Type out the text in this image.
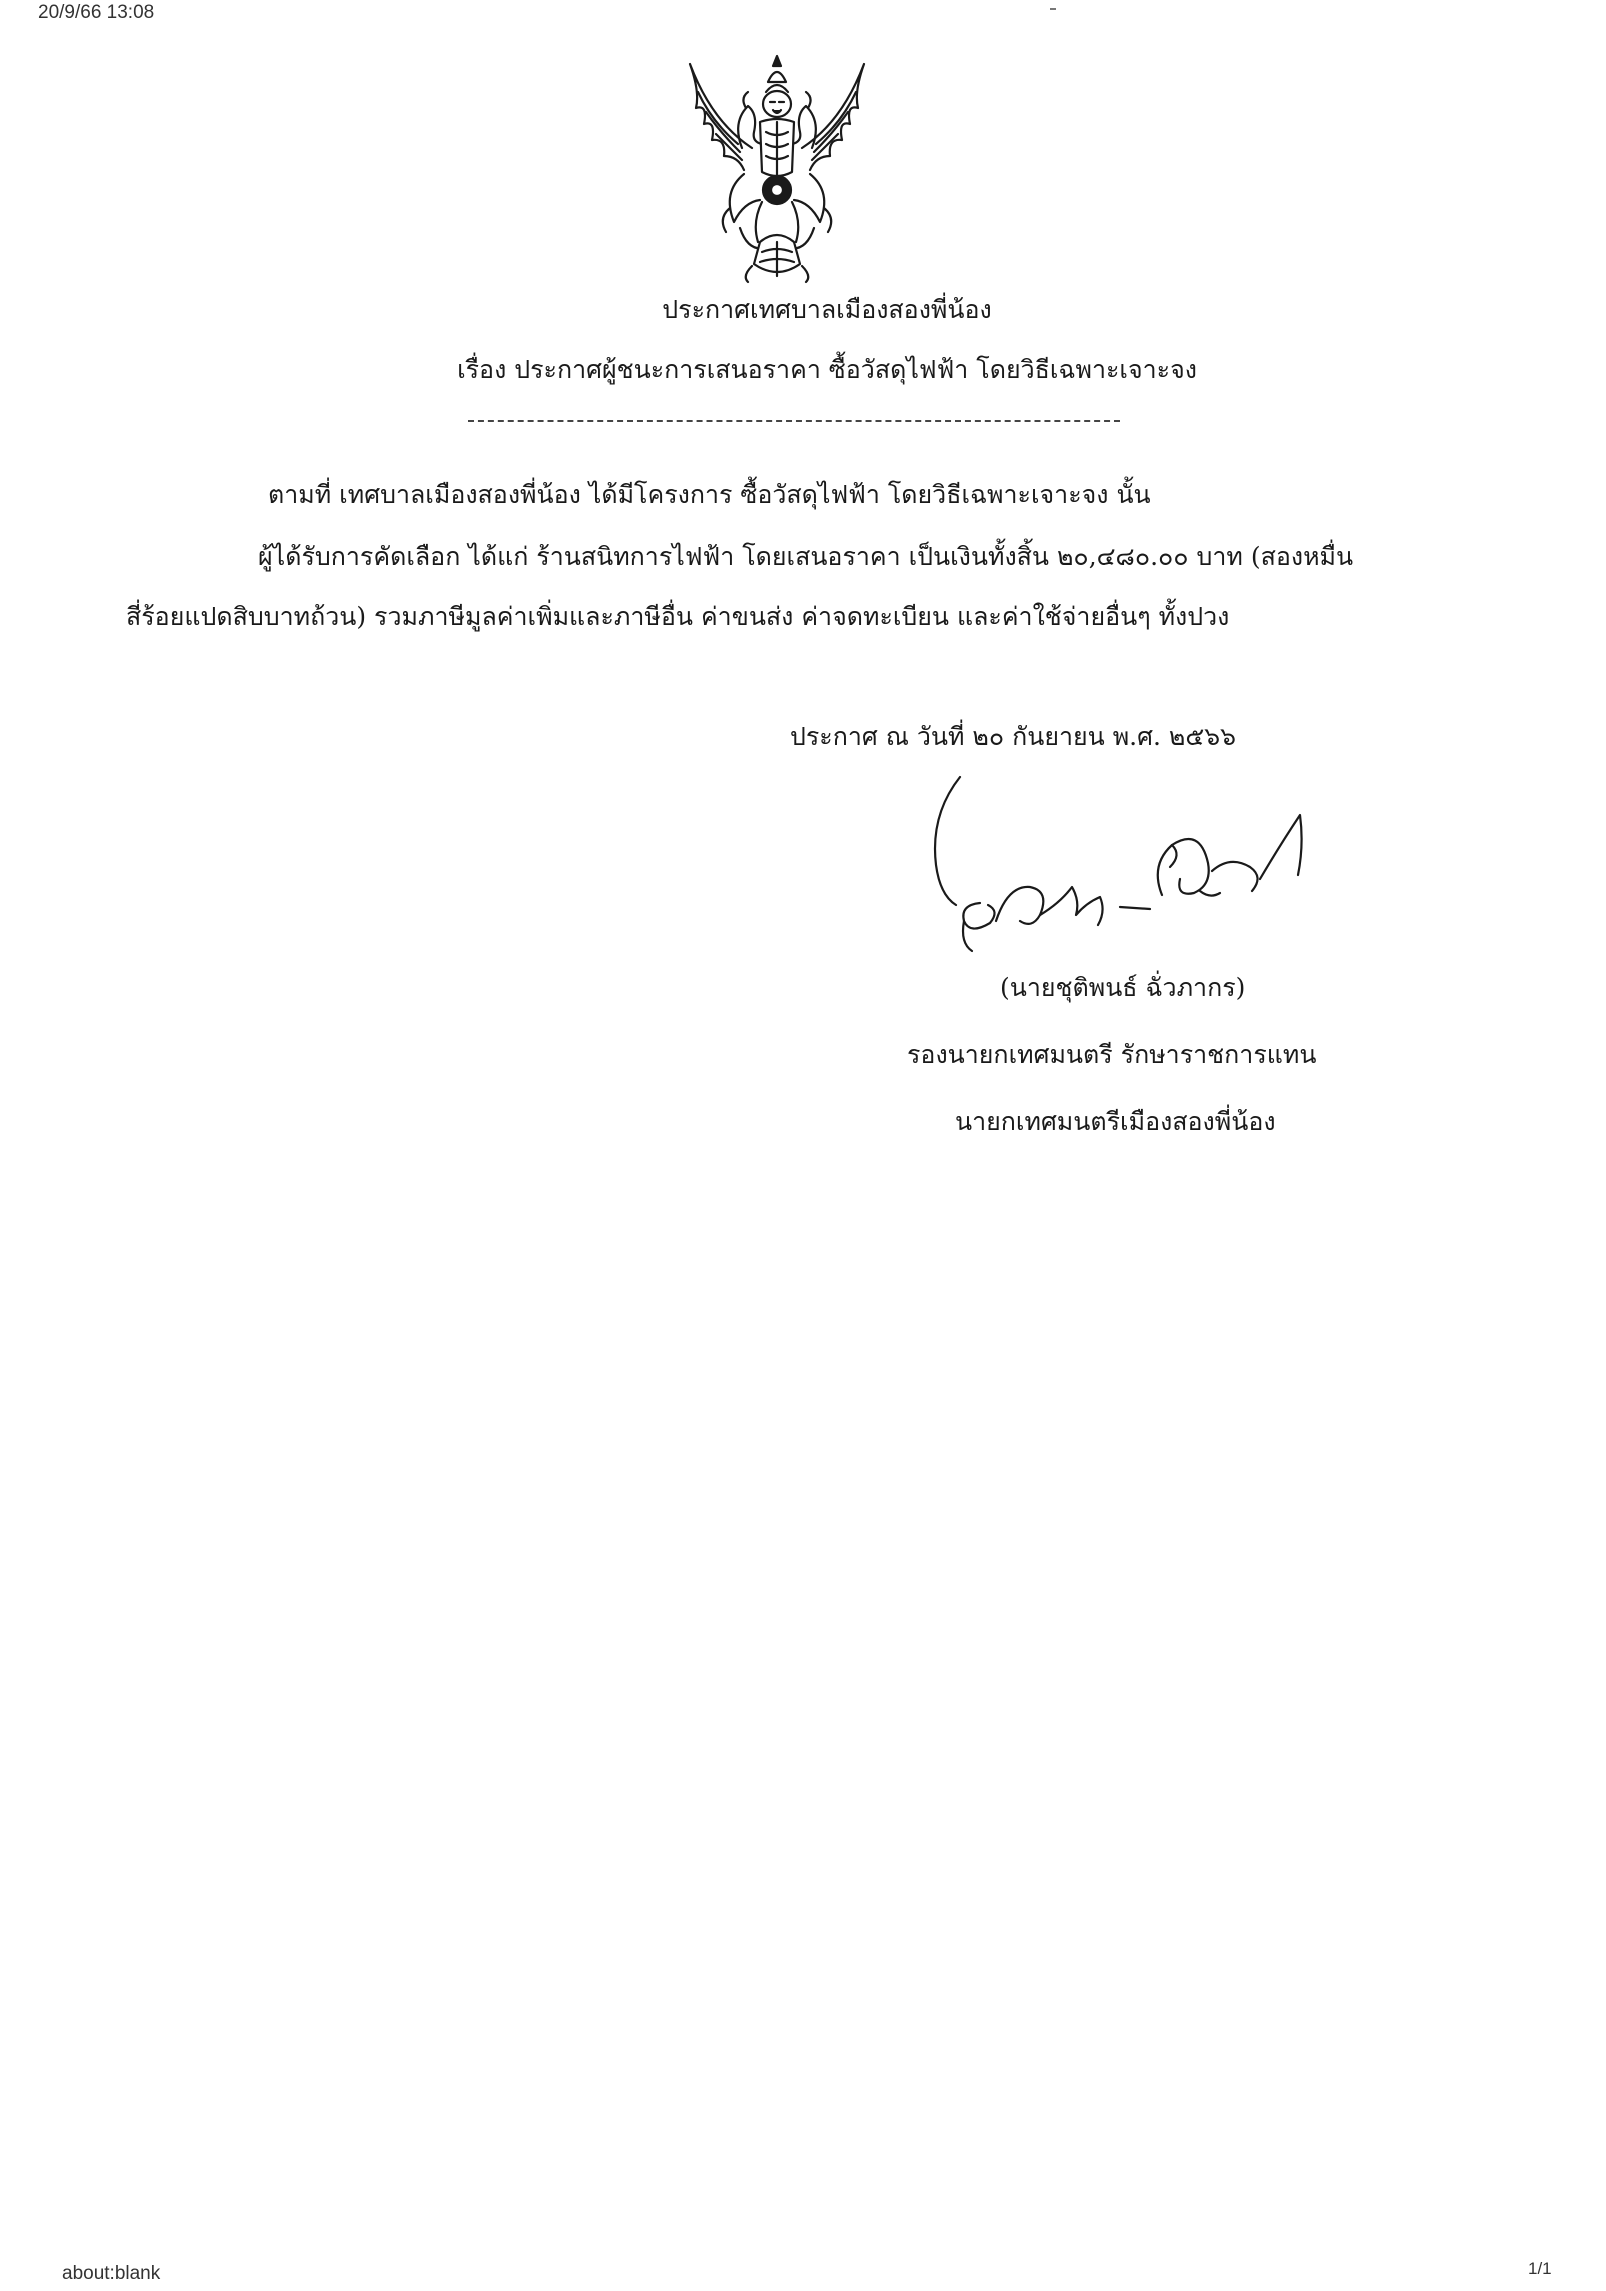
20/9/66 13:08
ประกาศเทศบาลเมืองสองพี่น้อง
เรื่อง ประกาศผู้ชนะการเสนอราคา ซื้อวัสดุไฟฟ้า โดยวิธีเฉพาะเจาะจง
ตามที่ เทศบาลเมืองสองพี่น้อง ได้มีโครงการ ซื้อวัสดุไฟฟ้า โดยวิธีเฉพาะเจาะจง นั้น
ผู้ได้รับการคัดเลือก ได้แก่ ร้านสนิทการไฟฟ้า โดยเสนอราคา เป็นเงินทั้งสิ้น ๒๐,๔๘๐.๐๐ บาท (สองหมื่น
สี่ร้อยแปดสิบบาทถ้วน) รวมภาษีมูลค่าเพิ่มและภาษีอื่น ค่าขนส่ง ค่าจดทะเบียน และค่าใช้จ่ายอื่นๆ ทั้งปวง
ประกาศ ณ วันที่ ๒๐ กันยายน พ.ศ. ๒๕๖๖
(นายชุติพนธ์ ฉั่วภากร)
รองนายกเทศมนตรี รักษาราชการแทน
นายกเทศมนตรีเมืองสองพี่น้อง
about:blank	1/1
